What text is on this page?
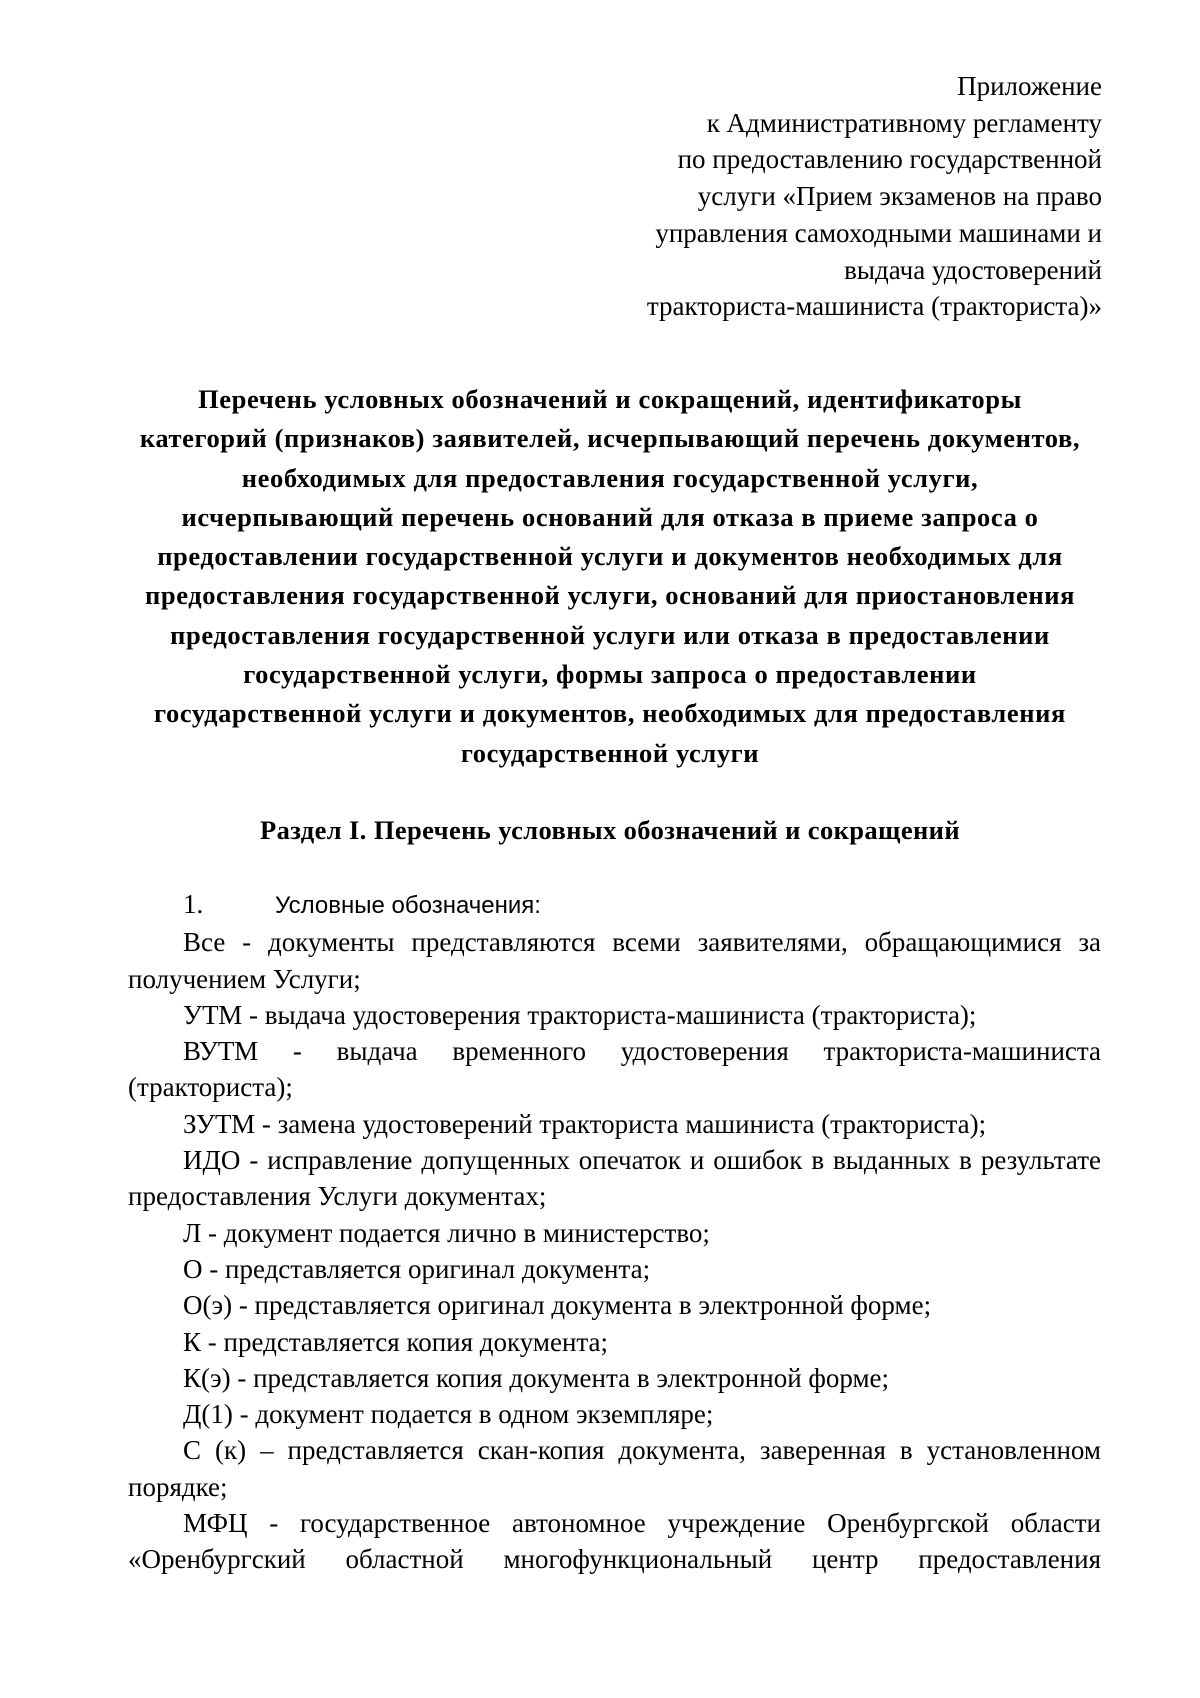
Приложение
к Административному регламенту
по предоставлению государственной
услуги «Прием экзаменов на право
управления самоходными машинами и
выдача удостоверений
тракториста-машиниста (тракториста)»
Перечень условных обозначений и сокращений, идентификаторы
категорий (признаков) заявителей, исчерпывающий перечень документов,
необходимых для предоставления государственной услуги,
исчерпывающий перечень оснований для отказа в приеме запроса о
предоставлении государственной услуги и документов необходимых для
предоставления государственной услуги, оснований для приостановления
предоставления государственной услуги или отказа в предоставлении
государственной услуги, формы запроса о предоставлении
государственной услуги и документов, необходимых для предоставления
государственной услуги
Раздел I. Перечень условных обозначений и сокращений

1.	Условные обозначения:

Все - документы представляются всеми заявителями, обращающимися за получением Услуги;

УТМ - выдача удостоверения тракториста-машиниста (тракториста);

ВУТМ - выдача временного удостоверения тракториста-машиниста (тракториста);

ЗУТМ - замена удостоверений тракториста машиниста (тракториста);

ИДО - исправление допущенных опечаток и ошибок в выданных в результате предоставления Услуги документах;

Л - документ подается лично в министерство;

О - представляется оригинал документа;

О(э) - представляется оригинал документа в электронной форме;

К - представляется копия документа;

К(э) - представляется копия документа в электронной форме;

Д(1) - документ подается в одном экземпляре;

С (к) – представляется скан-копия документа, заверенная в установленном порядке;

МФЦ - государственное автономное учреждение Оренбургской области «Оренбургский областной многофункциональный центр предоставления
